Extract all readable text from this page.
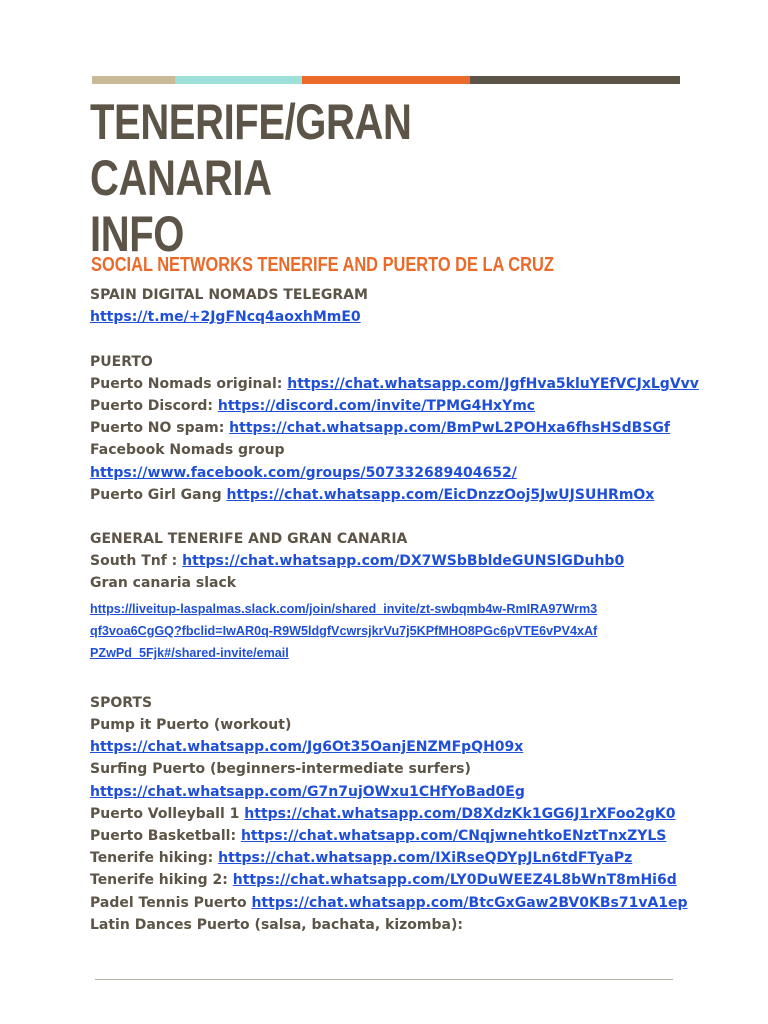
TENERIFE/GRAN CANARIA
INFO
SOCIAL NETWORKS TENERIFE AND PUERTO DE LA CRUZ
SPAIN DIGITAL NOMADS TELEGRAM
https://t.me/+2JgFNcq4aoxhMmE0
PUERTO
Puerto Nomads original: https://chat.whatsapp.com/JgfHva5kluYEfVCJxLgVvv
Puerto Discord: https://discord.com/invite/TPMG4HxYmc
Puerto NO spam: https://chat.whatsapp.com/BmPwL2POHxa6fhsHSdBSGf
Facebook Nomads group
https://www.facebook.com/groups/507332689404652/
Puerto Girl Gang https://chat.whatsapp.com/EicDnzzOoj5JwUJSUHRmOx
GENERAL TENERIFE AND GRAN CANARIA
South Tnf : https://chat.whatsapp.com/DX7WSbBbldeGUNSlGDuhb0
Gran canaria slack
https://liveitup-laspalmas.slack.com/join/shared_invite/zt-swbqmb4w-RmIRA97Wrm3
qf3voa6CgGQ?fbclid=IwAR0q-R9W5ldgfVcwrsjkrVu7j5KPfMHO8PGc6pVTE6vPV4xAf
PZwPd_5Fjk#/shared-invite/email
SPORTS
Pump it Puerto (workout)
https://chat.whatsapp.com/Jg6Ot35OanjENZMFpQH09x
Surfing Puerto (beginners-intermediate surfers)
https://chat.whatsapp.com/G7n7ujOWxu1CHfYoBad0Eg
Puerto Volleyball 1 https://chat.whatsapp.com/D8XdzKk1GG6J1rXFoo2gK0
Puerto Basketball: https://chat.whatsapp.com/CNqjwnehtkoENztTnxZYLS
Tenerife hiking: https://chat.whatsapp.com/IXiRseQDYpJLn6tdFTyaPz
Tenerife hiking 2: https://chat.whatsapp.com/LY0DuWEEZ4L8bWnT8mHi6d
Padel Tennis Puerto https://chat.whatsapp.com/BtcGxGaw2BV0KBs71vA1ep
Latin Dances Puerto (salsa, bachata, kizomba):
